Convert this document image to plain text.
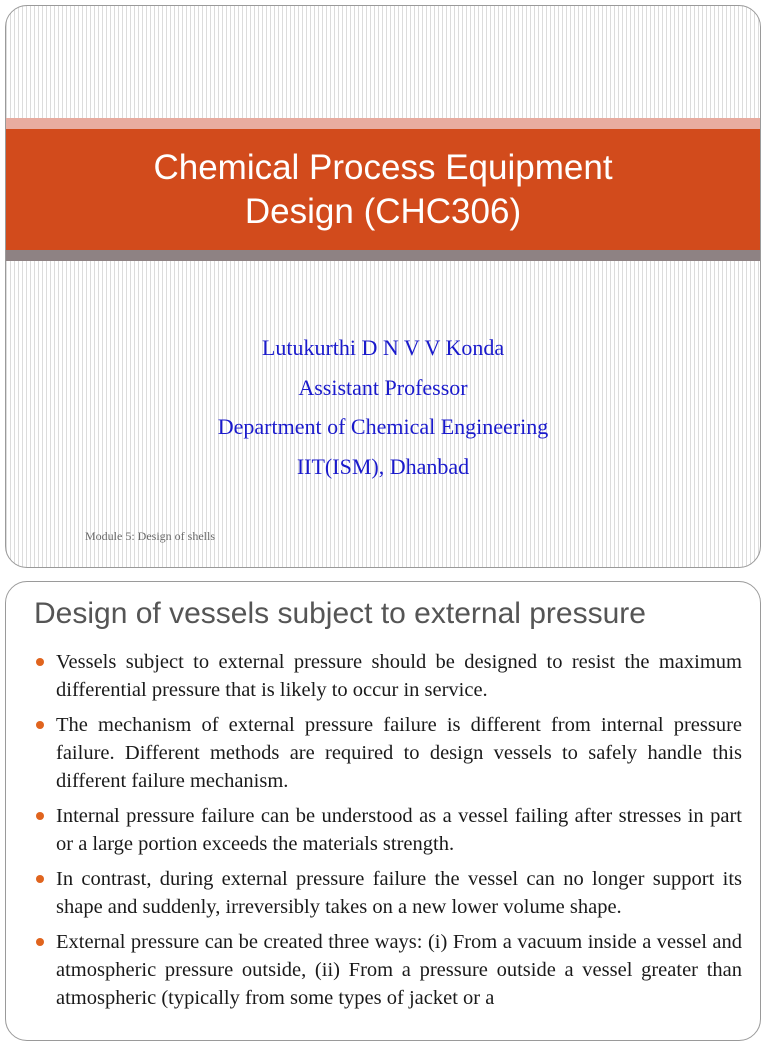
Chemical Process Equipment
Design (CHC306)
Lutukurthi D N V V Konda
Assistant Professor
Department of Chemical Engineering
IIT(ISM), Dhanbad
Module 5: Design of shells
Design of vessels subject to external pressure
Vessels subject to external pressure should be designed to resist the maximum differential pressure that is likely to occur in service.
The mechanism of external pressure failure is different from internal pressure failure. Different methods are required to design vessels to safely handle this different failure mechanism.
Internal pressure failure can be understood as a vessel failing after stresses in part or a large portion exceeds the materials strength.
In contrast, during external pressure failure the vessel can no longer support its shape and suddenly, irreversibly takes on a new lower volume shape.
External pressure can be created three ways: (i) From a vacuum inside a vessel and atmospheric pressure outside, (ii) From a pressure outside a vessel greater than atmospheric (typically from some types of jacket or a
